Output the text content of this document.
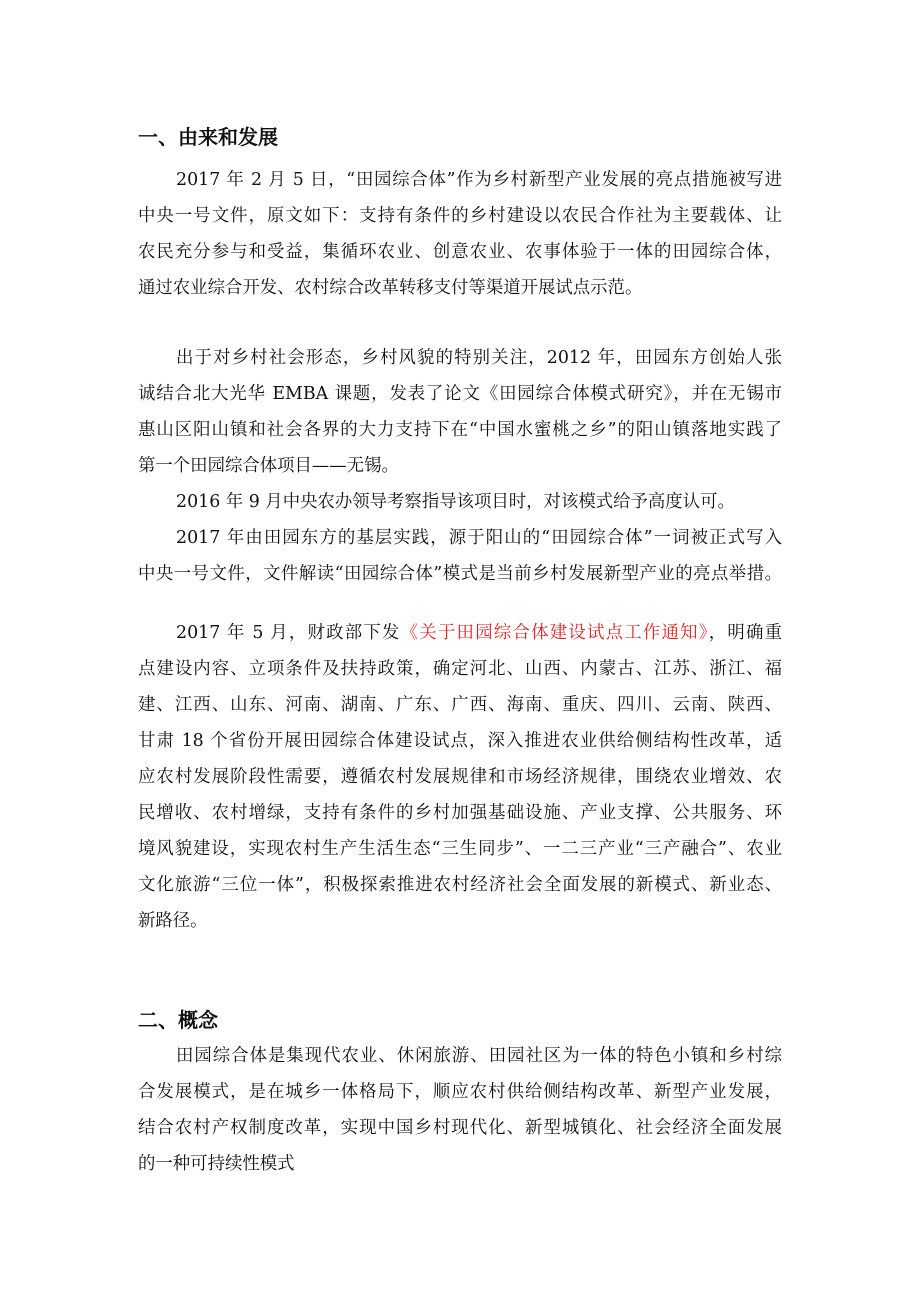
一、由来和发展
2017 年 2 月 5 日，“田园综合体”作为乡村新型产业发展的亮点措施被写进
中央一号文件，原文如下：支持有条件的乡村建设以农民合作社为主要载体、让
农民充分参与和受益，集循环农业、创意农业、农事体验于一体的田园综合体，
通过农业综合开发、农村综合改革转移支付等渠道开展试点示范。
出于对乡村社会形态，乡村风貌的特别关注，2012 年，田园东方创始人张
诚结合北大光华 EMBA 课题，发表了论文《田园综合体模式研究》，并在无锡市
惠山区阳山镇和社会各界的大力支持下在“中国水蜜桃之乡”的阳山镇落地实践了
第一个田园综合体项目——无锡。
2016 年 9 月中央农办领导考察指导该项目时，对该模式给予高度认可。
2017 年由田园东方的基层实践，源于阳山的“田园综合体”一词被正式写入
中央一号文件，文件解读“田园综合体”模式是当前乡村发展新型产业的亮点举措。
2017 年 5 月，财政部下发《关于田园综合体建设试点工作通知》，明确重
点建设内容、立项条件及扶持政策，确定河北、山西、内蒙古、江苏、浙江、福
建、江西、山东、河南、湖南、广东、广西、海南、重庆、四川、云南、陕西、
甘肃 18 个省份开展田园综合体建设试点，深入推进农业供给侧结构性改革，适
应农村发展阶段性需要，遵循农村发展规律和市场经济规律，围绕农业增效、农
民增收、农村增绿，支持有条件的乡村加强基础设施、产业支撑、公共服务、环
境风貌建设，实现农村生产生活生态“三生同步”、一二三产业“三产融合”、农业
文化旅游“三位一体”，积极探索推进农村经济社会全面发展的新模式、新业态、
新路径。
二、概念
田园综合体是集现代农业、休闲旅游、田园社区为一体的特色小镇和乡村综
合发展模式，是在城乡一体格局下，顺应农村供给侧结构改革、新型产业发展，
结合农村产权制度改革，实现中国乡村现代化、新型城镇化、社会经济全面发展
的一种可持续性模式
